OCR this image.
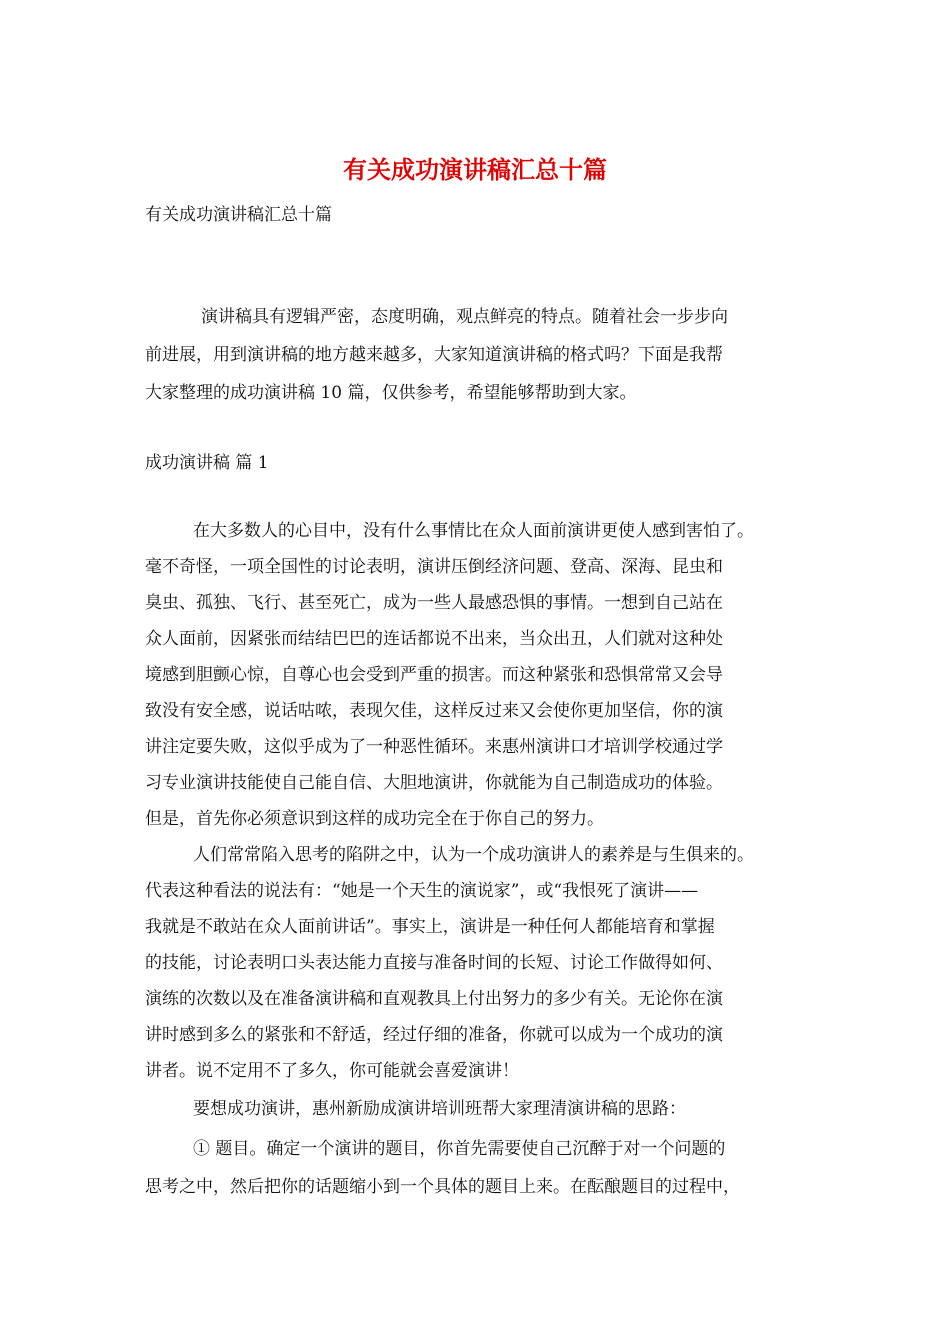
有关成功演讲稿汇总十篇
有关成功演讲稿汇总十篇
演讲稿具有逻辑严密，态度明确，观点鲜亮的特点。随着社会一步步向
前进展，用到演讲稿的地方越来越多，大家知道演讲稿的格式吗？下面是我帮
大家整理的成功演讲稿 10 篇，仅供参考，希望能够帮助到大家。
成功演讲稿 篇 1
在大多数人的心目中，没有什么事情比在众人面前演讲更使人感到害怕了。
毫不奇怪，一项全国性的讨论表明，演讲压倒经济问题、登高、深海、昆虫和
臭虫、孤独、飞行、甚至死亡，成为一些人最感恐惧的事情。一想到自己站在
众人面前，因紧张而结结巴巴的连话都说不出来，当众出丑，人们就对这种处
境感到胆颤心惊，自尊心也会受到严重的损害。而这种紧张和恐惧常常又会导
致没有安全感，说话咕哝，表现欠佳，这样反过来又会使你更加坚信，你的演
讲注定要失败，这似乎成为了一种恶性循环。来惠州演讲口才培训学校通过学
习专业演讲技能使自己能自信、大胆地演讲，你就能为自己制造成功的体验。
但是，首先你必须意识到这样的成功完全在于你自己的努力。
人们常常陷入思考的陷阱之中，认为一个成功演讲人的素养是与生俱来的。
代表这种看法的说法有：“她是一个天生的演说家”，或“我恨死了演讲——
我就是不敢站在众人面前讲话”。事实上，演讲是一种任何人都能培育和掌握
的技能，讨论表明口头表达能力直接与准备时间的长短、讨论工作做得如何、
演练的次数以及在准备演讲稿和直观教具上付出努力的多少有关。无论你在演
讲时感到多么的紧张和不舒适，经过仔细的准备，你就可以成为一个成功的演
讲者。说不定用不了多久，你可能就会喜爱演讲！
要想成功演讲，惠州新励成演讲培训班帮大家理清演讲稿的思路：
① 题目。确定一个演讲的题目，你首先需要使自己沉醉于对一个问题的
思考之中，然后把你的话题缩小到一个具体的题目上来。在酝酿题目的过程中，
